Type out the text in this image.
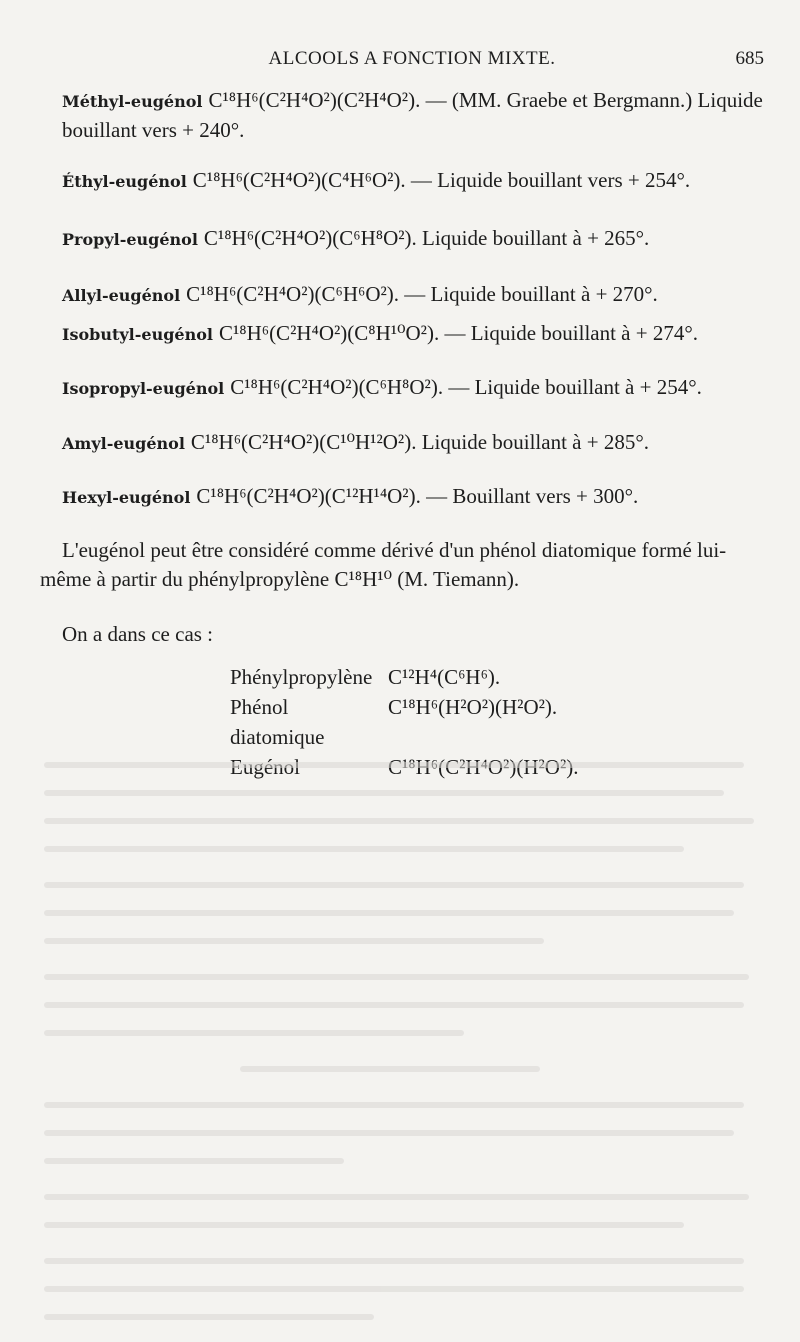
ALCOOLS A FONCTION MIXTE.	685
Méthyl-eugénol C¹⁸H⁶(C²H⁴O²)(C²H⁴O²). — (MM. Graebe et Bergmann.) Liquide bouillant vers + 240°.
Éthyl-eugénol C¹⁸H⁶(C²H⁴O²)(C⁴H⁶O²). — Liquide bouillant vers + 254°.
Propyl-eugénol C¹⁸H⁶(C²H⁴O²)(C⁶H⁸O²). Liquide bouillant à + 265°.
Allyl-eugénol C¹⁸H⁶(C²H⁴O²)(C⁶H⁶O²). — Liquide bouillant à + 270°.
Isobutyl-eugénol C¹⁸H⁶(C²H⁴O²)(C⁸H¹⁰O²). — Liquide bouillant à + 274°.
Isopropyl-eugénol C¹⁸H⁶(C²H⁴O²)(C⁶H⁸O²). — Liquide bouillant à + 254°.
Amyl-eugénol C¹⁸H⁶(C²H⁴O²)(C¹⁰H¹²O²). Liquide bouillant à + 285°.
Hexyl-eugénol C¹⁸H⁶(C²H⁴O²)(C¹²H¹⁴O²). — Bouillant vers + 300°.
L'eugénol peut être considéré comme dérivé d'un phénol diatomique formé lui-même à partir du phénylpropylène C¹⁸H¹⁰ (M. Tiemann).
On a dans ce cas :
Phénylpropylène C¹²H⁴(C⁶H⁶).
Phénol diatomique
C¹⁸H⁶(H²O²)(H²O²).
